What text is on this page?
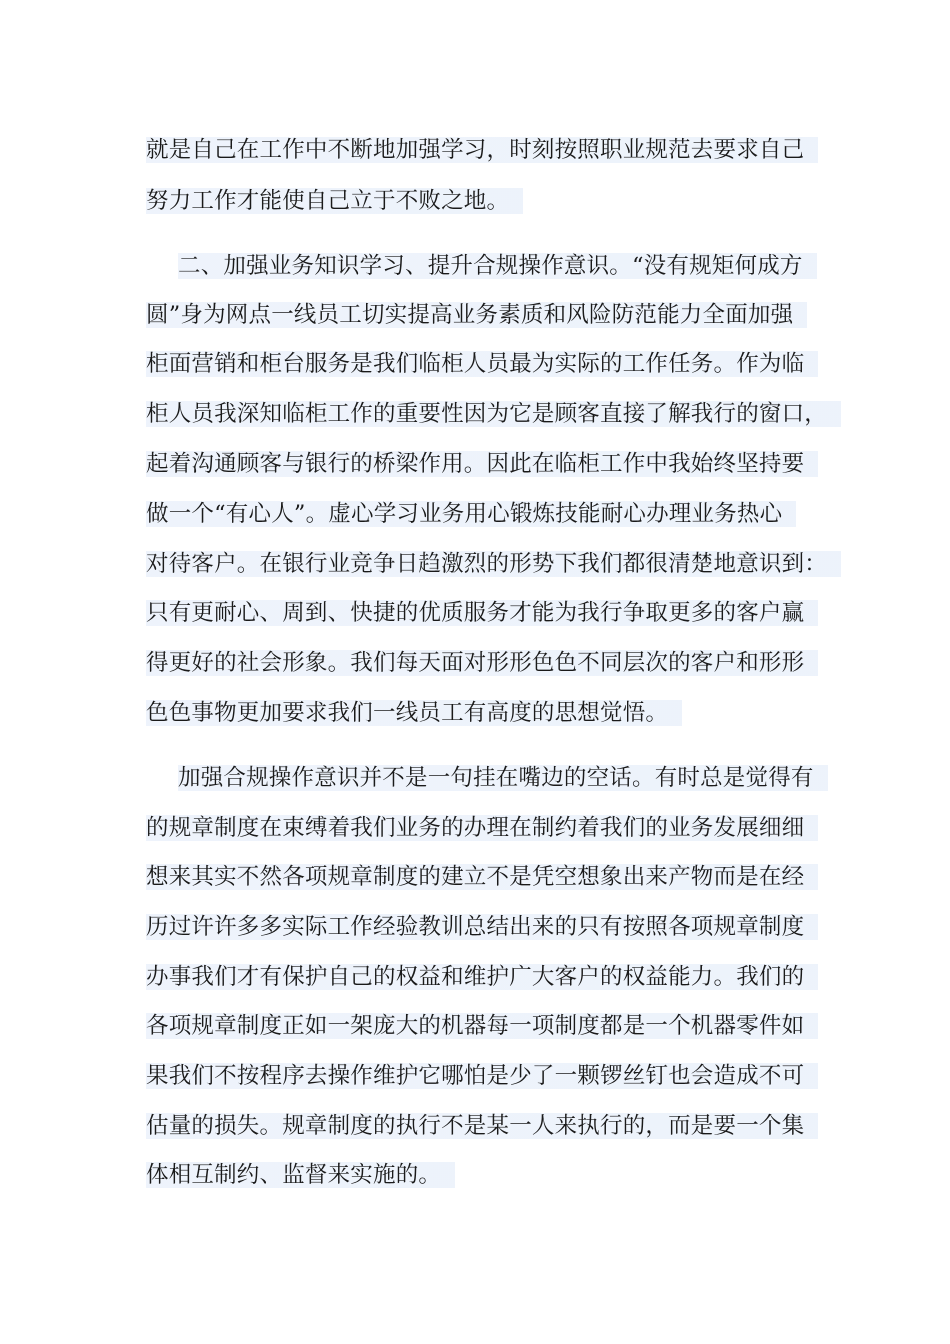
就是自己在工作中不断地加强学习，时刻按照职业规范去要求自己
努力工作才能使自己立于不败之地。
二、加强业务知识学习、提升合规操作意识。“没有规矩何成方
圆”身为网点一线员工切实提高业务素质和风险防范能力全面加强
柜面营销和柜台服务是我们临柜人员最为实际的工作任务。作为临
柜人员我深知临柜工作的重要性因为它是顾客直接了解我行的窗口，
起着沟通顾客与银行的桥梁作用。因此在临柜工作中我始终坚持要
做一个“有心人”。虚心学习业务用心锻炼技能耐心办理业务热心
对待客户。在银行业竞争日趋激烈的形势下我们都很清楚地意识到：
只有更耐心、周到、快捷的优质服务才能为我行争取更多的客户赢
得更好的社会形象。我们每天面对形形色色不同层次的客户和形形
色色事物更加要求我们一线员工有高度的思想觉悟。
加强合规操作意识并不是一句挂在嘴边的空话。有时总是觉得有
的规章制度在束缚着我们业务的办理在制约着我们的业务发展细细
想来其实不然各项规章制度的建立不是凭空想象出来产物而是在经
历过许许多多实际工作经验教训总结出来的只有按照各项规章制度
办事我们才有保护自己的权益和维护广大客户的权益能力。我们的
各项规章制度正如一架庞大的机器每一项制度都是一个机器零件如
果我们不按程序去操作维护它哪怕是少了一颗锣丝钉也会造成不可
估量的损失。规章制度的执行不是某一人来执行的，而是要一个集
体相互制约、监督来实施的。
